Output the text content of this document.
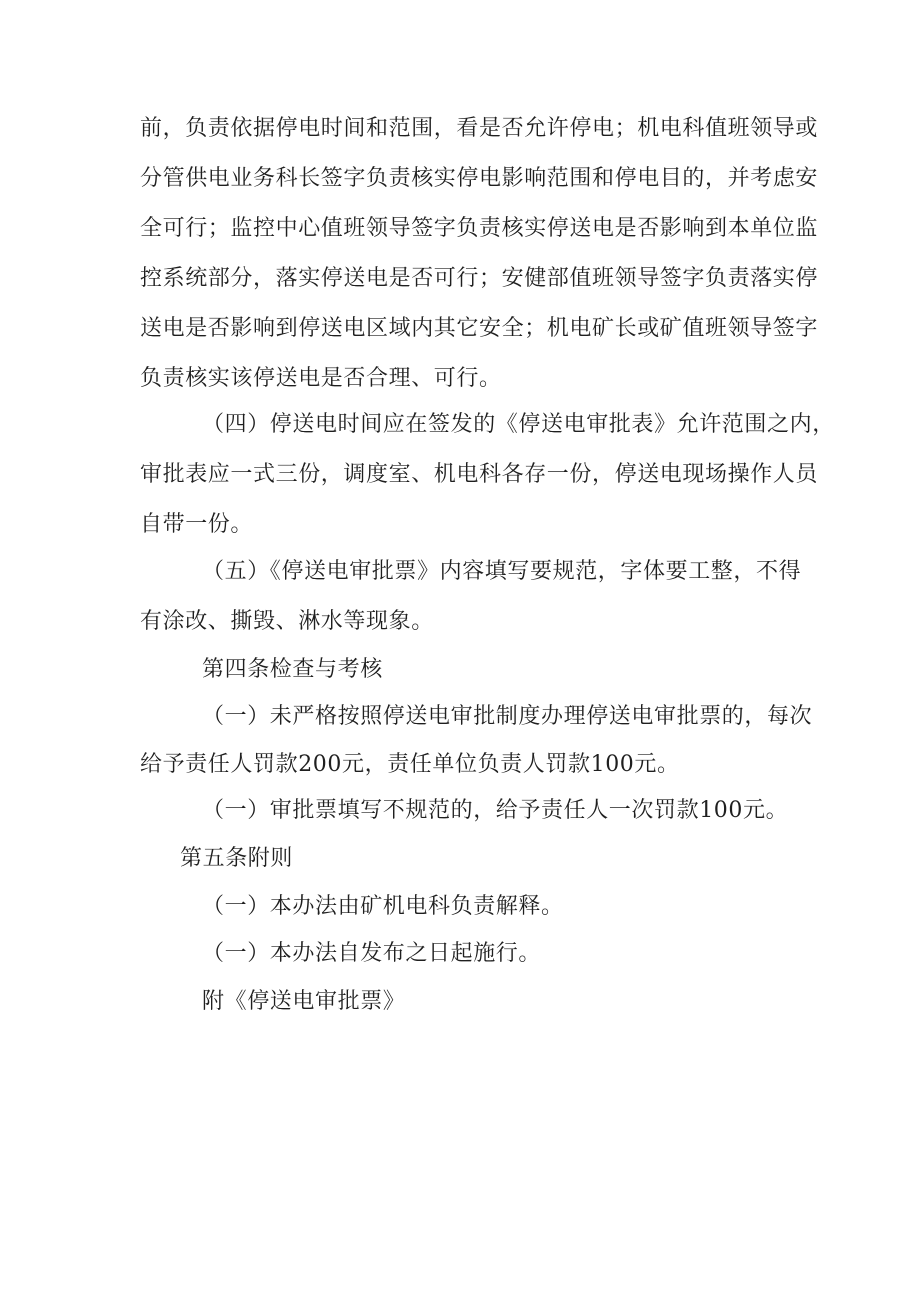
前，负责依据停电时间和范围，看是否允许停电；机电科值班领导或
分管供电业务科长签字负责核实停电影响范围和停电目的，并考虑安
全可行；监控中心值班领导签字负责核实停送电是否影响到本单位监
控系统部分，落实停送电是否可行；安健部值班领导签字负责落实停
送电是否影响到停送电区域内其它安全；机电矿长或矿值班领导签字
负责核实该停送电是否合理、可行。
（四）停送电时间应在签发的《停送电审批表》允许范围之内，
审批表应一式三份，调度室、机电科各存一份，停送电现场操作人员
自带一份。
（五）《停送电审批票》内容填写要规范，字体要工整，不得
有涂改、撕毁、淋水等现象。
第四条检查与考核
（一）未严格按照停送电审批制度办理停送电审批票的，每次
给予责任人罚款200元，责任单位负责人罚款100元。
（一）审批票填写不规范的，给予责任人一次罚款100元。
第五条附则
（一）本办法由矿机电科负责解释。
（一）本办法自发布之日起施行。
附《停送电审批票》
